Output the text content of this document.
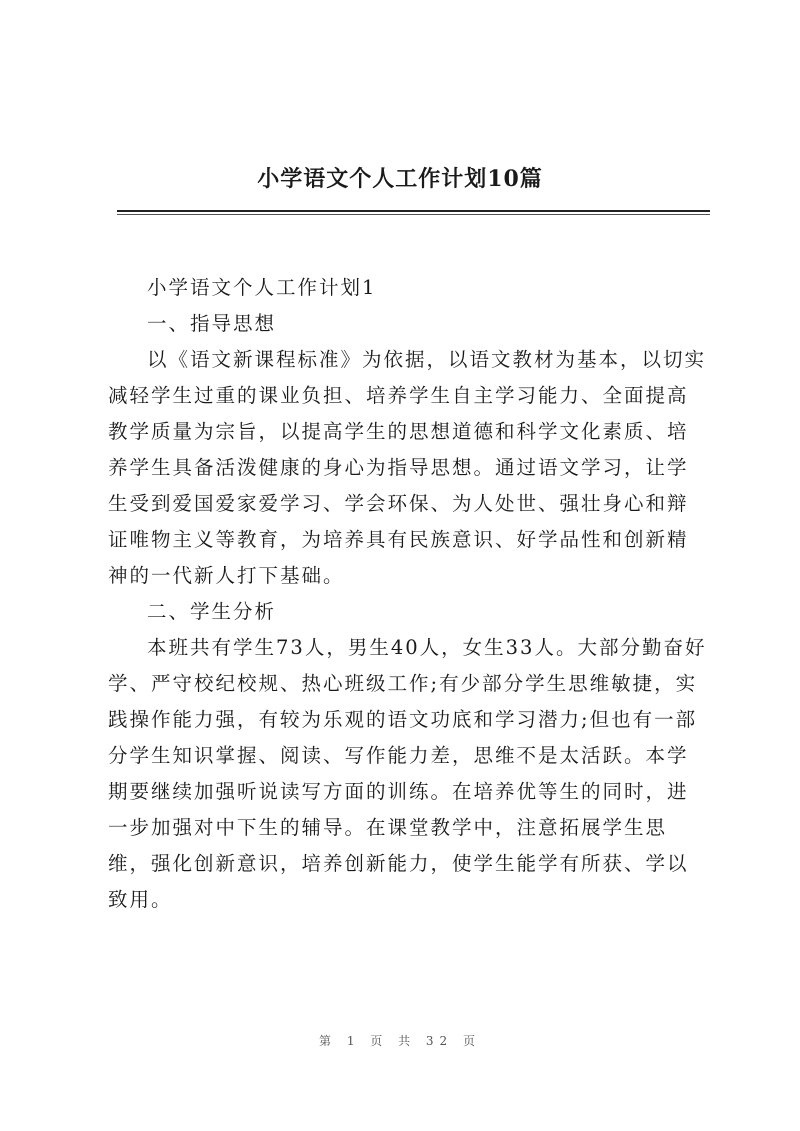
小学语文个人工作计划10篇

小学语文个人工作计划1

一、指导思想

以《语文新课程标准》为依据，以语文教材为基本，以切实减轻学生过重的课业负担、培养学生自主学习能力、全面提高教学质量为宗旨，以提高学生的思想道德和科学文化素质、培养学生具备活泼健康的身心为指导思想。通过语文学习，让学生受到爱国爱家爱学习、学会环保、为人处世、强壮身心和辩证唯物主义等教育，为培养具有民族意识、好学品性和创新精神的一代新人打下基础。

二、学生分析

本班共有学生73人，男生40人，女生33人。大部分勤奋好学、严守校纪校规、热心班级工作;有少部分学生思维敏捷，实践操作能力强，有较为乐观的语文功底和学习潜力;但也有一部分学生知识掌握、阅读、写作能力差，思维不是太活跃。本学期要继续加强听说读写方面的训练。在培养优等生的同时，进一步加强对中下生的辅导。在课堂教学中，注意拓展学生思维，强化创新意识，培养创新能力，使学生能学有所获、学以致用。

第 1 页 共 32 页
